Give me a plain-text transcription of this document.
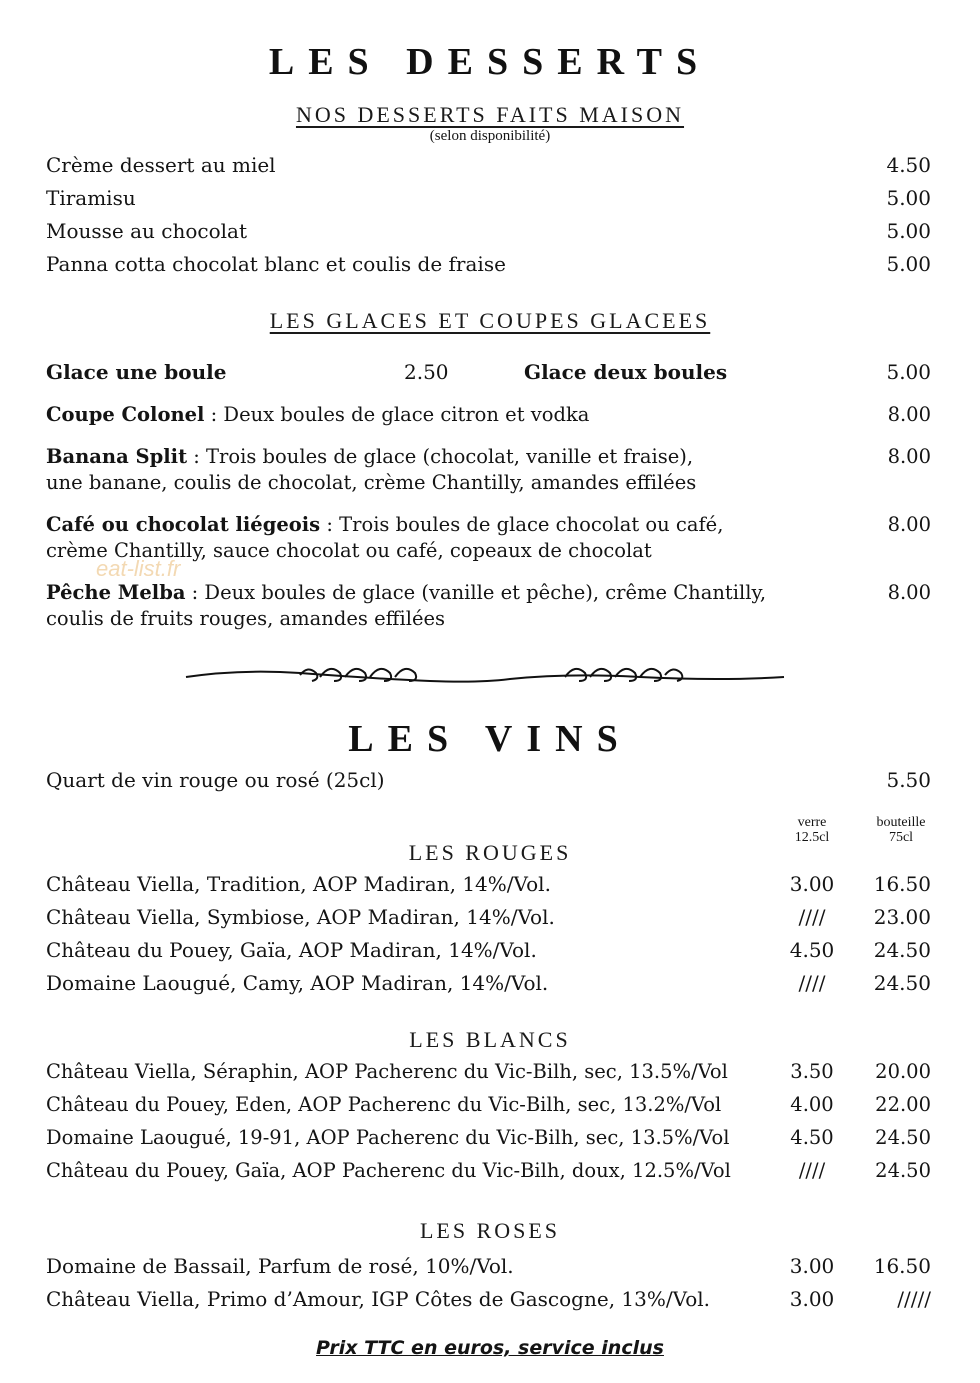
LES DESSERTS
NOS DESSERTS FAITS MAISON
(selon disponibilité)
Crème dessert au miel	4.50
Tiramisu	5.00
Mousse au chocolat	5.00
Panna cotta chocolat blanc et coulis de fraise	5.00
LES GLACES ET COUPES GLACEES
Glace une boule	2.50	Glace deux boules	5.00
Coupe Colonel : Deux boules de glace citron et vodka	8.00
Banana Split : Trois boules de glace (chocolat, vanille et fraise),
une banane, coulis de chocolat, crème Chantilly, amandes effilées
8.00
Café ou chocolat liégeois : Trois boules de glace chocolat ou café,
crème Chantilly, sauce chocolat ou café, copeaux de chocolat
8.00
eat-list.fr
Pêche Melba : Deux boules de glace (vanille et pêche), crême Chantilly,
coulis de fruits rouges, amandes effilées
8.00
LES VINS
Quart de vin rouge ou rosé (25cl)	5.50
verre
12.5cl
bouteille
75cl
LES ROUGES
Château Viella, Tradition, AOP Madiran, 14%/Vol.	3.00 16.50
Château Viella, Symbiose, AOP Madiran, 14%/Vol.	////	23.00
Château du Pouey, Gaïa, AOP Madiran, 14%/Vol.	4.50 24.50
Domaine Laougué, Camy, AOP Madiran, 14%/Vol.	////	24.50
LES BLANCS
Château Viella, Séraphin, AOP Pacherenc du Vic-Bilh, sec, 13.5%/Vol	3.50	20.00
Château du Pouey, Eden, AOP Pacherenc du Vic-Bilh, sec, 13.2%/Vol	4.00	22.00
Domaine Laougué, 19-91, AOP Pacherenc du Vic-Bilh, sec, 13.5%/Vol	4.50	24.50
Château du Pouey, Gaïa, AOP Pacherenc du Vic-Bilh, doux, 12.5%/Vol	////	24.50
LES ROSES
Domaine de Bassail, Parfum de rosé, 10%/Vol.	3.00 16.50
Château Viella, Primo d’Amour, IGP Côtes de Gascogne, 13%/Vol.	3.00	/////
Prix TTC en euros, service inclus
